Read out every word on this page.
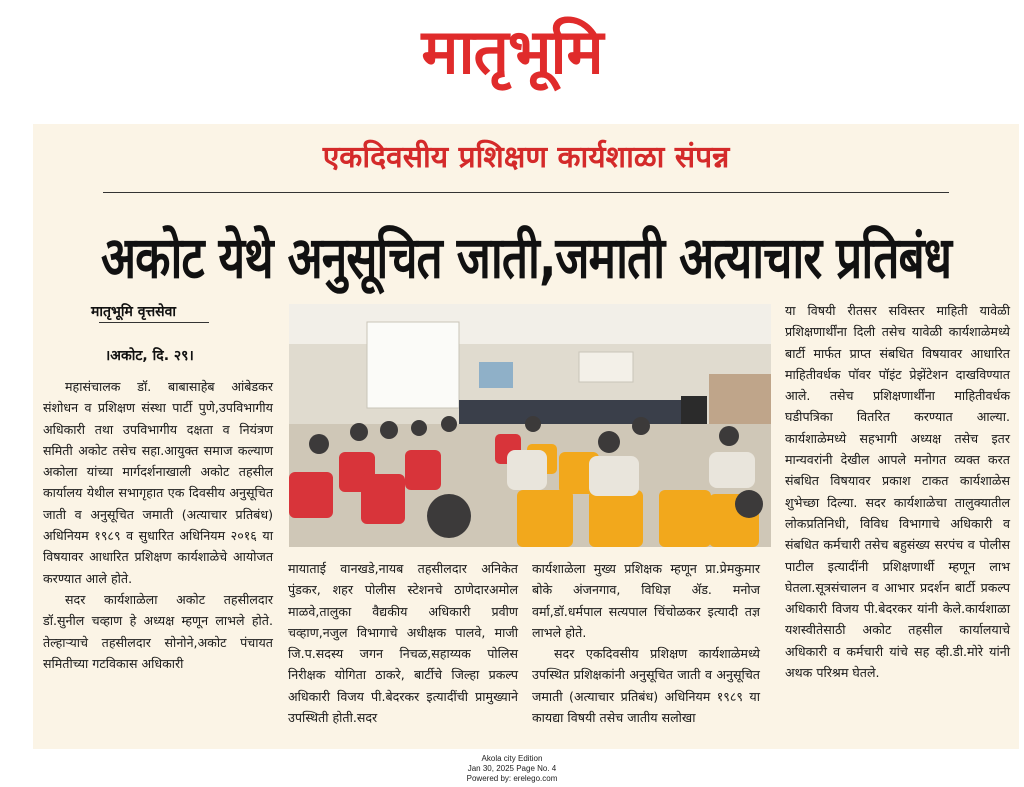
मातृभूमि
एकदिवसीय प्रशिक्षण कार्यशाळा संपन्न
अकोट येथे अनुसूचित जाती,जमाती अत्याचार प्रतिबंध
मातृभूमि वृत्तसेवा
।अकोट, दि. २९।

महासंचालक डॉ. बाबासाहेब आंबेडकर संशोधन व प्रशिक्षण संस्था पार्टी पुणे,उपविभागीय अधिकारी तथा उपविभागीय दक्षता व नियंत्रण समिती अकोट तसेच सहा.आयुक्त समाज कल्याण अकोला यांच्या मार्गदर्शनाखाली अकोट तहसील कार्यालय येथील सभागृहात एक दिवसीय अनुसूचित जाती व अनुसूचित जमाती (अत्याचार प्रतिबंध) अधिनियम १९८९ व सुधारित अधिनियम २०१६ या विषयावर आधारित प्रशिक्षण कार्यशाळेचे आयोजत करण्यात आले होते.

सदर कार्यशाळेला अकोट तहसीलदार डॉ.सुनील चव्हाण हे अध्यक्ष म्हणून लाभले होते. तेल्हाऱ्याचे तहसीलदार सोनोने,अकोट पंचायत समितीच्या गटविकास अधिकारी

मायाताई वानखडे,नायब तहसीलदार अनिकेत पुंडकर, शहर पोलीस स्टेशनचे ठाणेदारअमोल माळवे,तालुका वैद्यकीय अधिकारी प्रवीण चव्हाण,नजुल विभागाचे अधीक्षक पालवे, माजी जि.प.सदस्य जगन निचळ,सहाय्यक पोलिस निरीक्षक योगिता ठाकरे, बार्टीचे जिल्हा प्रकल्प अधिकारी विजय पी.बेदरकर इत्यादींची प्रामुख्याने उपस्थिती होती.सदर

कार्यशाळेला मुख्य प्रशिक्षक म्हणून प्रा.प्रेमकुमार बोके अंजनगाव, विधिज्ञ ॲड. मनोज वर्मा,डॉ.धर्मपाल सत्यपाल चिंचोळकर इत्यादी तज्ञ लाभले होते.

सदर एकदिवसीय प्रशिक्षण कार्यशाळेमध्ये उपस्थित प्रशिक्षकांनी अनुसूचित जाती व अनुसूचित जमाती (अत्याचार प्रतिबंध) अधिनियम १९८९ या कायद्या विषयी तसेच जातीय सलोखा

या विषयी रीतसर सविस्तर माहिती यावेळी प्रशिक्षणार्थींना दिली तसेच यावेळी कार्यशाळेमध्ये बार्टी मार्फत प्राप्त संबधित विषयावर आधारित माहितीवर्धक पॉवर पॉइंट प्रेझेंटेशन दाखविण्यात आले. तसेच प्रशिक्षणार्थींना माहितीवर्धक घडीपत्रिका वितरित करण्यात आल्या. कार्यशाळेमध्ये सहभागी अध्यक्ष तसेच इतर मान्यवरांनी देखील आपले मनोगत व्यक्त करत संबधित विषयावर प्रकाश टाकत कार्यशाळेस शुभेच्छा दिल्या. सदर कार्यशाळेचा तालुक्यातील लोकप्रतिनिधी, विविध विभागाचे अधिकारी व संबधित कर्मचारी तसेच बहुसंख्य सरपंच व पोलीस पाटील इत्यादींनी प्रशिक्षणार्थी म्हणून लाभ घेतला.सूत्रसंचालन व आभार प्रदर्शन बार्टी प्रकल्प अधिकारी विजय पी.बेदरकर यांनी केले.कार्यशाळा यशस्वीतेसाठी अकोट तहसील कार्यालयाचे अधिकारी व कर्मचारी यांचे सह व्ही.डी.मोरे यांनी अथक परिश्रम घेतले.

Akola city Edition
Jan 30, 2025 Page No. 4
Powered by: erelego.com
